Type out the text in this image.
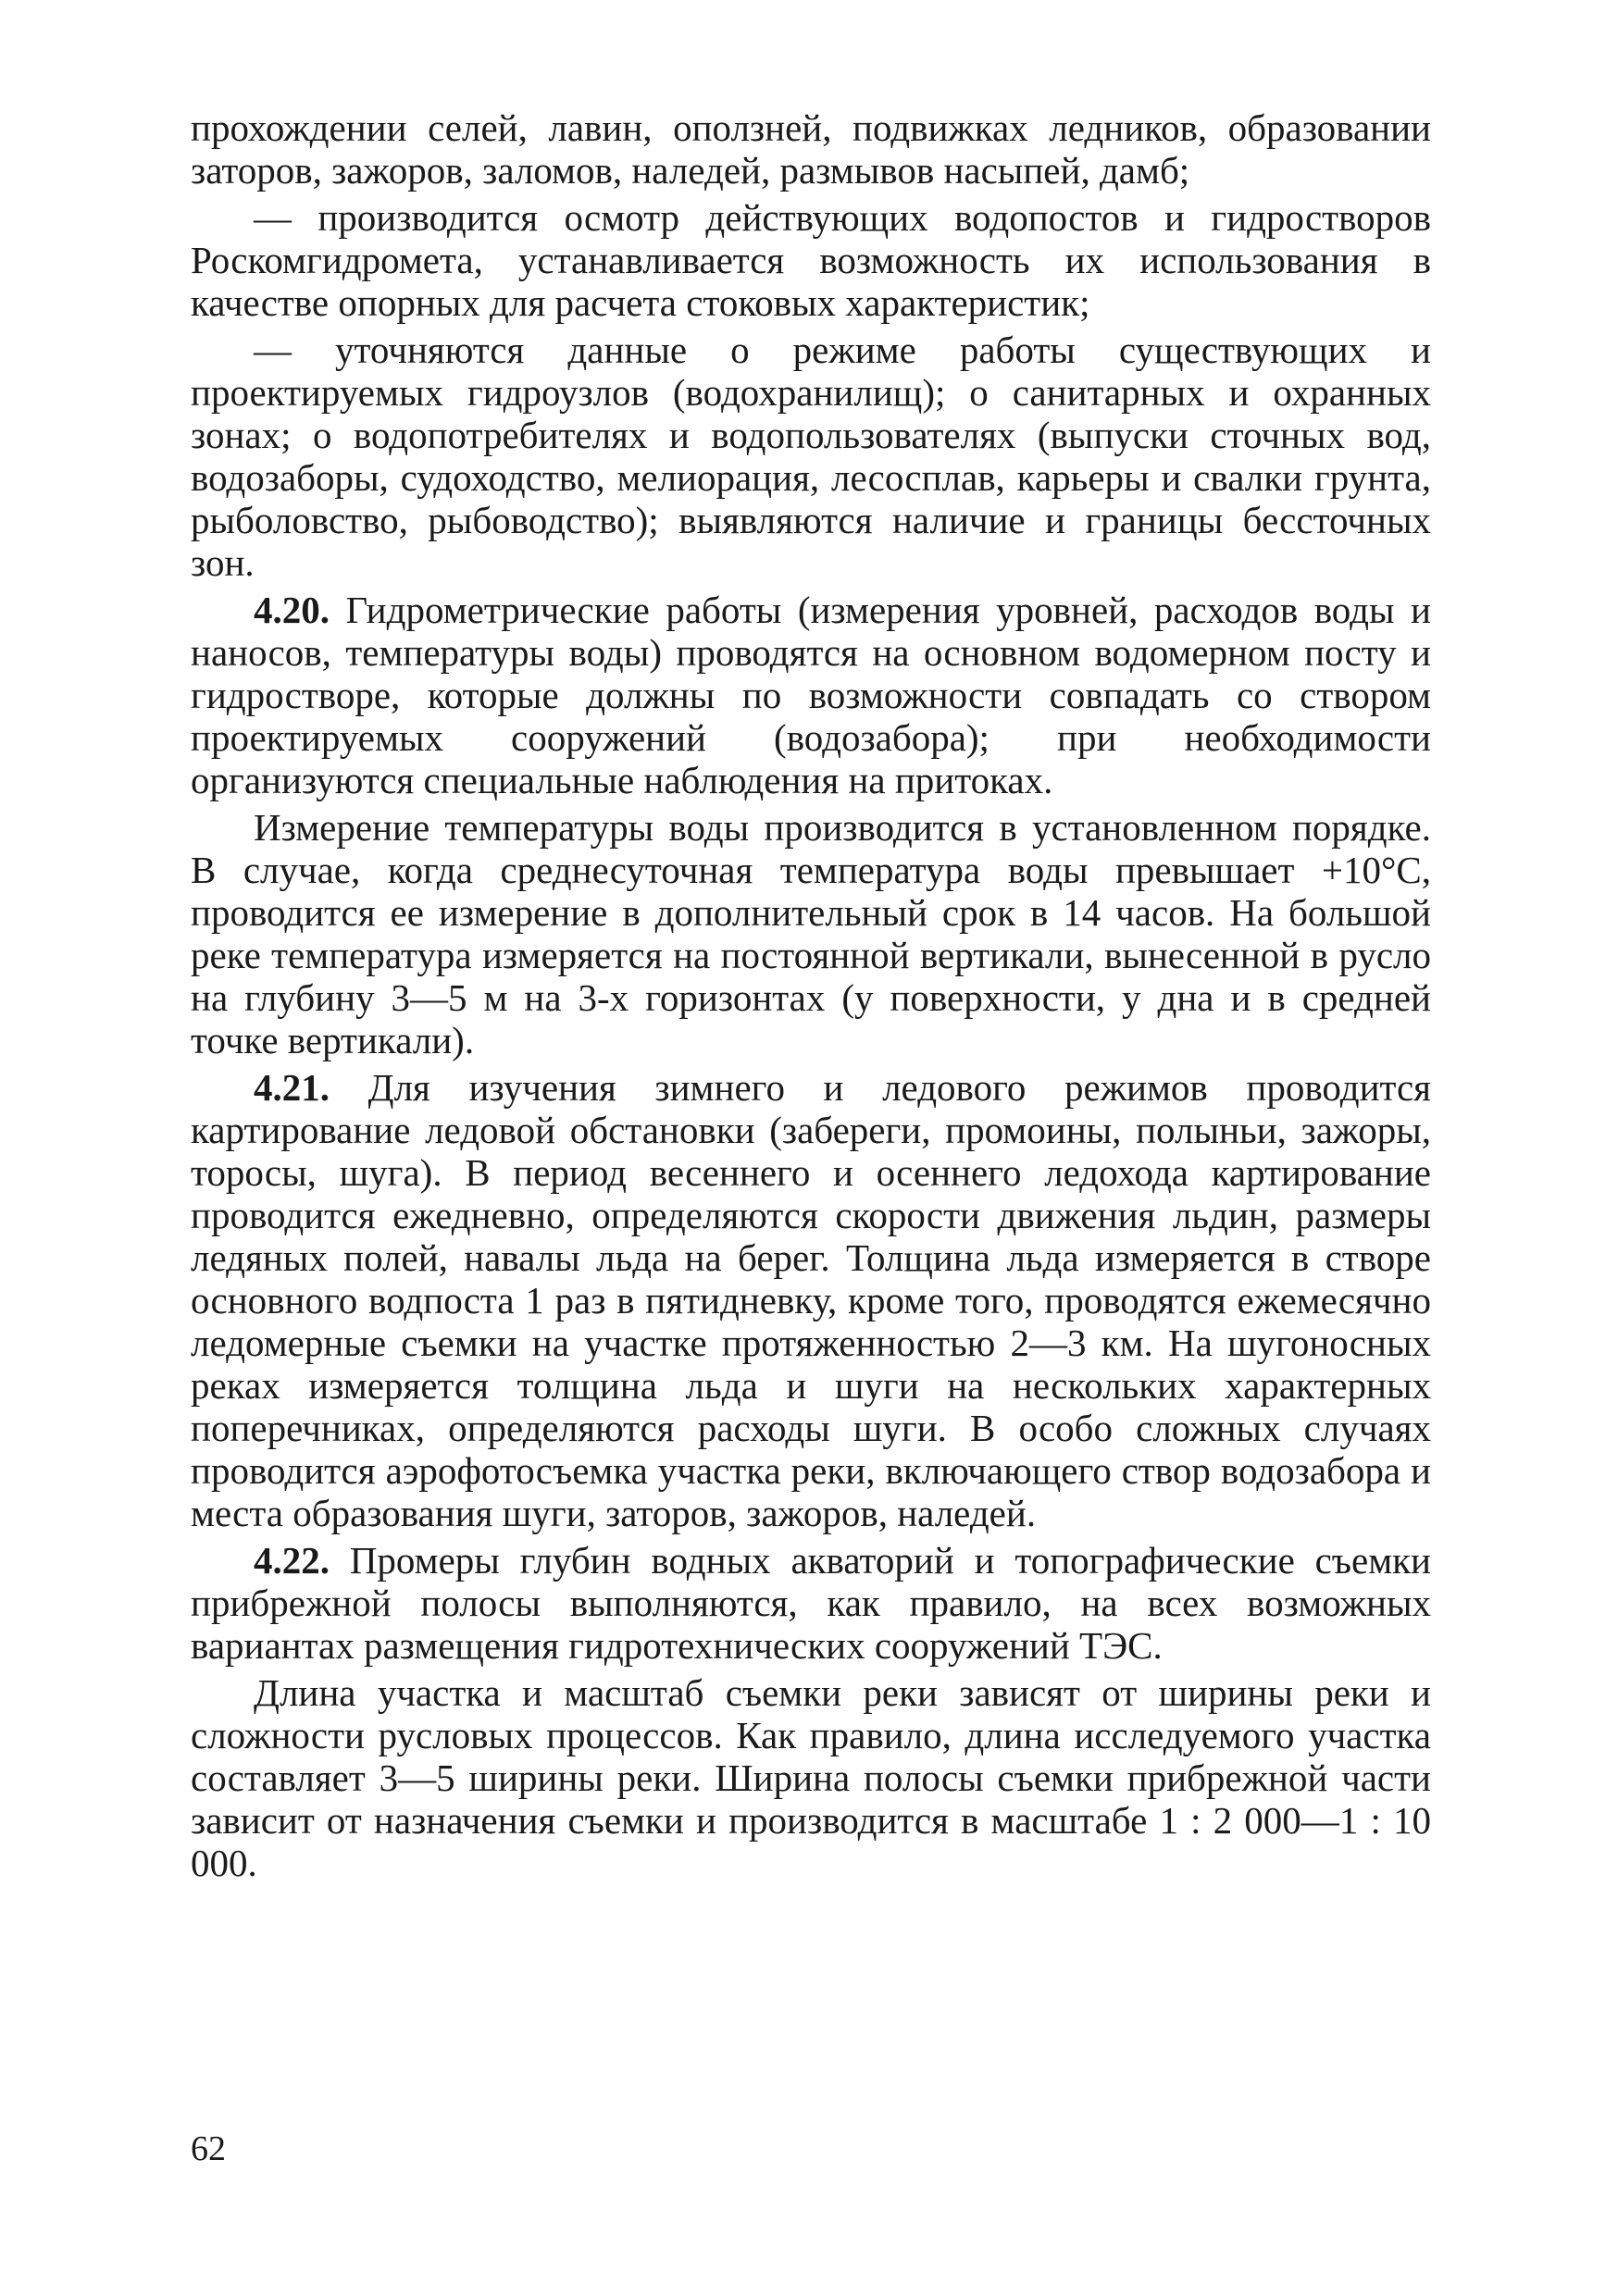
прохождении селей, лавин, оползней, подвижках ледников, образовании заторов, зажоров, заломов, наледей, размывов насыпей, дамб;

— производится осмотр действующих водопостов и гидростворов Роскомгидромета, устанавливается возможность их использования в качестве опорных для расчета стоковых характеристик;

— уточняются данные о режиме работы существующих и проектируемых гидроузлов (водохранилищ); о санитарных и охранных зонах; о водопотребителях и водопользователях (выпуски сточных вод, водозаборы, судоходство, мелиорация, лесосплав, карьеры и свалки грунта, рыболовство, рыбоводство); выявляются наличие и границы бессточных зон.

4.20. Гидрометрические работы (измерения уровней, расходов воды и наносов, температуры воды) проводятся на основном водомерном посту и гидростворе, которые должны по возможности совпадать со створом проектируемых сооружений (водозабора); при необходимости организуются специальные наблюдения на притоках.

Измерение температуры воды производится в установленном порядке. В случае, когда среднесуточная температура воды превышает +10°С, проводится ее измерение в дополнительный срок в 14 часов. На большой реке температура измеряется на постоянной вертикали, вынесенной в русло на глубину 3—5 м на 3-х горизонтах (у поверхности, у дна и в средней точке вертикали).

4.21. Для изучения зимнего и ледового режимов проводится картирование ледовой обстановки (забереги, промоины, полыньи, зажоры, торосы, шуга). В период весеннего и осеннего ледохода картирование проводится ежедневно, определяются скорости движения льдин, размеры ледяных полей, навалы льда на берег. Толщина льда измеряется в створе основного водпоста 1 раз в пятидневку, кроме того, проводятся ежемесячно ледомерные съемки на участке протяженностью 2—3 км. На шугоносных реках измеряется толщина льда и шуги на нескольких характерных поперечниках, определяются расходы шуги. В особо сложных случаях проводится аэрофотосъемка участка реки, включающего створ водозабора и места образования шуги, заторов, зажоров, наледей.

4.22. Промеры глубин водных акваторий и топографические съемки прибрежной полосы выполняются, как правило, на всех возможных вариантах размещения гидротехнических сооружений ТЭС.

Длина участка и масштаб съемки реки зависят от ширины реки и сложности русловых процессов. Как правило, длина исследуемого участка составляет 3—5 ширины реки. Ширина полосы съемки прибрежной части зависит от назначения съемки и производится в масштабе 1 : 2 000—1 : 10 000.

62
